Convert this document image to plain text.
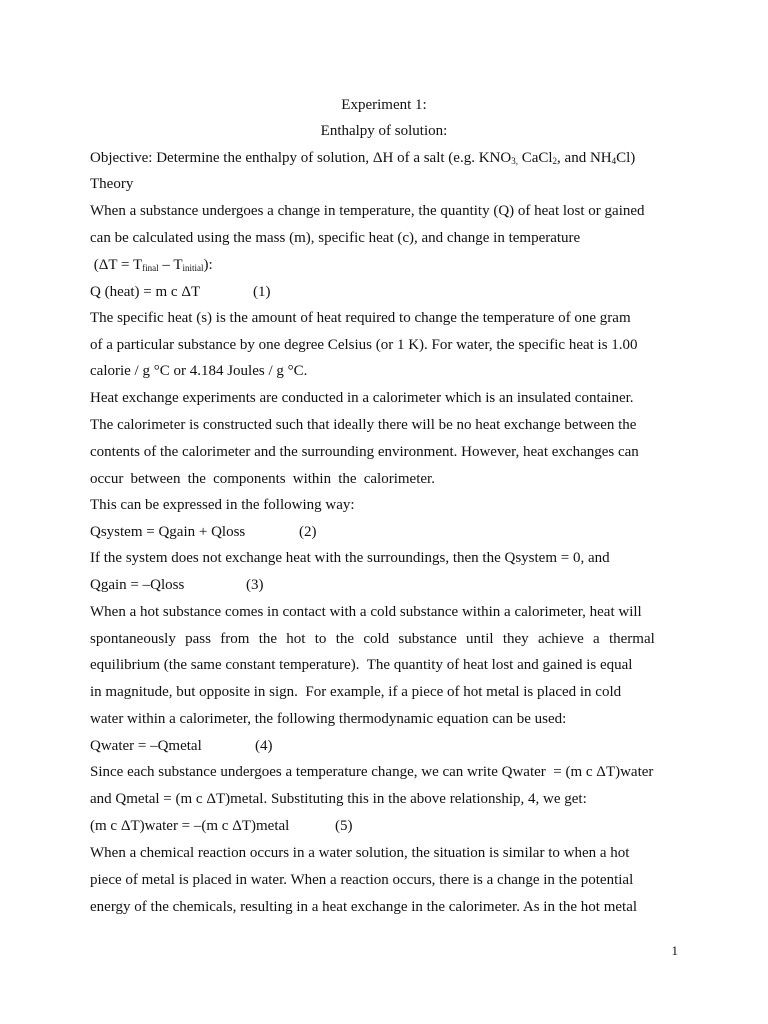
Experiment 1:
Enthalpy of solution:
Objective: Determine the enthalpy of solution, ΔH of a salt (e.g. $KNO_{3,}$ CaCl$_2$, and $NH_4Cl$)
Theory
When a substance undergoes a change in temperature, the quantity (Q) of heat lost or gained
can be calculated using the mass (m), specific heat (c), and change in temperature
$(\Delta T = T_{final} - T_{initial})$:
Q (heat) = m c ΔT	(1)
The specific heat (s) is the amount of heat required to change the temperature of one gram
of a particular substance by one degree Celsius (or 1 K). For water, the specific heat is 1.00
calorie / g °C or 4.184 Joules / g °C.
Heat exchange experiments are conducted in a calorimeter which is an insulated container.
The calorimeter is constructed such that ideally there will be no heat exchange between the
contents of the calorimeter and the surrounding environment. However, heat exchanges can
occur between the components within the calorimeter.
This can be expressed in the following way:
Qsystem = Qgain + Qloss	(2)
If the system does not exchange heat with the surroundings, then the Qsystem = 0, and
Qgain = –Qloss	(3)
When a hot substance comes in contact with a cold substance within a calorimeter, heat will
spontaneously pass from the hot to the cold substance until they achieve a thermal
equilibrium (the same constant temperature).  The quantity of heat lost and gained is equal
in magnitude, but opposite in sign.  For example, if a piece of hot metal is placed in cold
water within a calorimeter, the following thermodynamic equation can be used:
Qwater = –Qmetal	(4)
Since each substance undergoes a temperature change, we can write Qwater  = (m c ΔT)water
and Qmetal = (m c ΔT)metal. Substituting this in the above relationship, 4, we get:
(m c ΔT)water = –(m c ΔT)metal	(5)
When a chemical reaction occurs in a water solution, the situation is similar to when a hot
piece of metal is placed in water. When a reaction occurs, there is a change in the potential
energy of the chemicals, resulting in a heat exchange in the calorimeter. As in the hot metal
1
